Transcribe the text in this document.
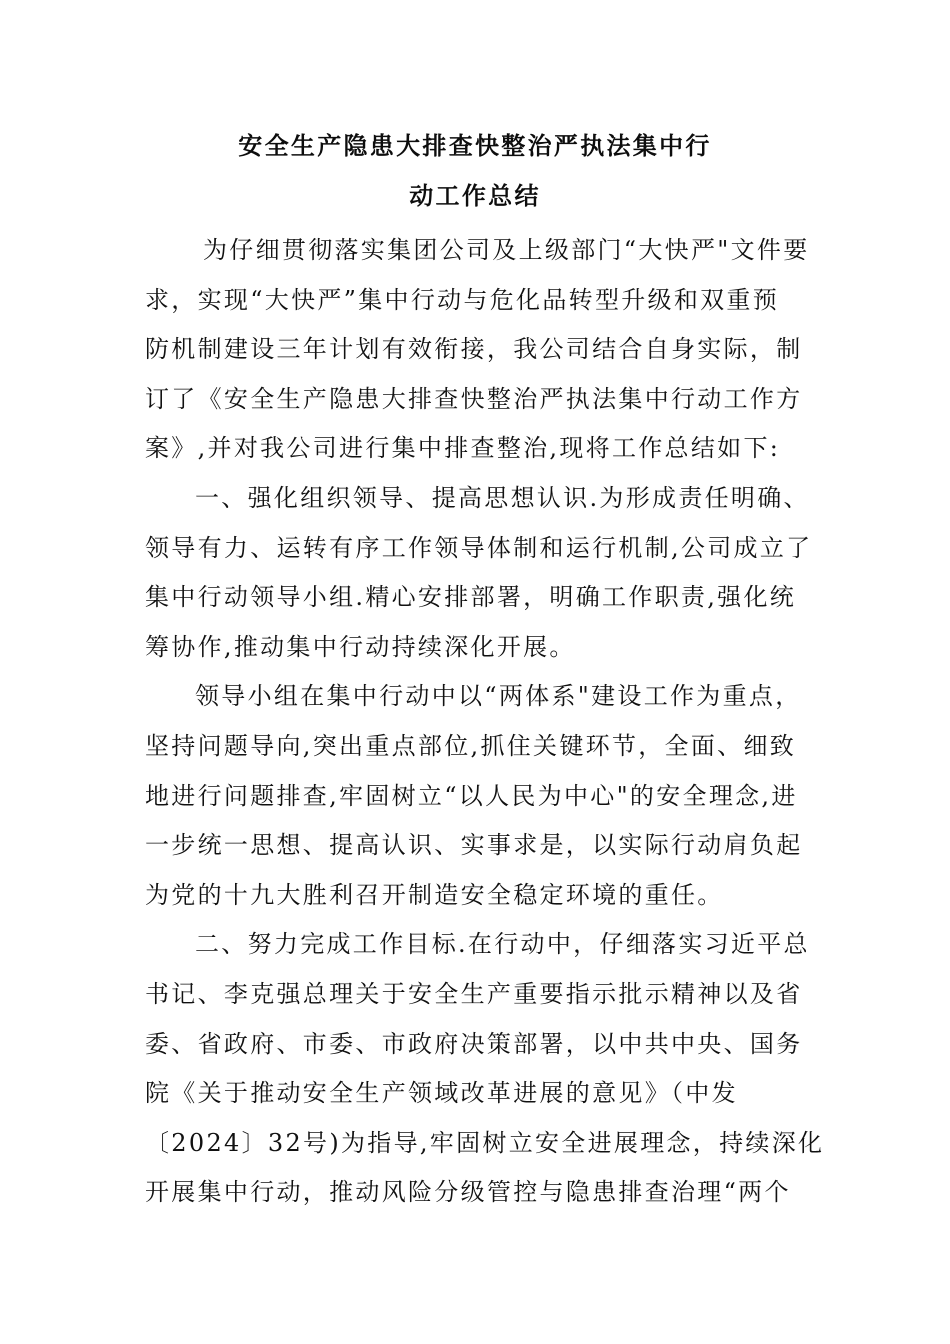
安全生产隐患大排查快整治严执法集中行
动工作总结
为仔细贯彻落实集团公司及上级部门“大快严"文件要
求，实现“大快严”集中行动与危化品转型升级和双重预
防机制建设三年计划有效衔接，我公司结合自身实际，制
订了《安全生产隐患大排查快整治严执法集中行动工作方
案》,并对我公司进行集中排查整治,现将工作总结如下:
一、强化组织领导、提高思想认识.为形成责任明确、
领导有力、运转有序工作领导体制和运行机制,公司成立了
集中行动领导小组.精心安排部署，明确工作职责,强化统
筹协作,推动集中行动持续深化开展。
领导小组在集中行动中以“两体系"建设工作为重点，
坚持问题导向,突出重点部位,抓住关键环节，全面、细致
地进行问题排查,牢固树立“以人民为中心"的安全理念,进
一步统一思想、提高认识、实事求是，以实际行动肩负起
为党的十九大胜利召开制造安全稳定环境的重任。
二、努力完成工作目标.在行动中，仔细落实习近平总
书记、李克强总理关于安全生产重要指示批示精神以及省
委、省政府、市委、市政府决策部署，以中共中央、国务
院《关于推动安全生产领域改革进展的意见》（中发
〔2024〕32号)为指导,牢固树立安全进展理念，持续深化
开展集中行动，推动风险分级管控与隐患排查治理“两个
